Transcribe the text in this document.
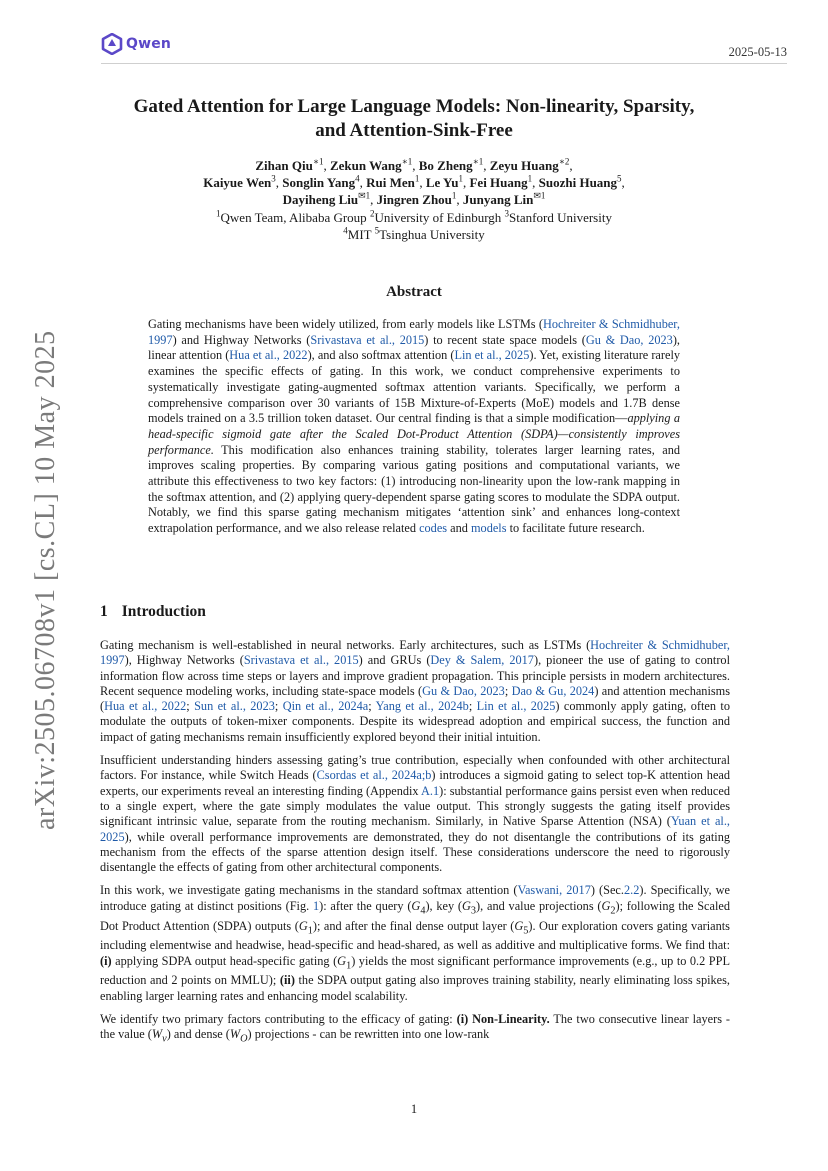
Qwen	2025-05-13
arXiv:2505.06708v1 [cs.CL] 10 May 2025
Gated Attention for Large Language Models: Non-linearity, Sparsity,
and Attention-Sink-Free
Zihan Qiu$^{∗1}$, Zekun Wang$^{∗1}$, Bo Zheng$^{∗1}$, Zeyu Huang$^{∗2}$,
Kaiyue Wen$^3$, Songlin Yang$^4$, Rui Men$^1$, Le Yu$^1$, Fei Huang$^1$, Suozhi Huang$^5$,
Dayiheng Liu$^{✉1}$, Jingren Zhou$^1$, Junyang Lin$^{✉1}$
$^1$Qwen Team, Alibaba Group $^2$University of Edinburgh $^3$Stanford University
$^4$MIT $^5$Tsinghua University
Abstract
Gating mechanisms have been widely utilized, from early models like LSTMs (Hochreiter & Schmidhuber, 1997) and Highway Networks (Srivastava et al., 2015) to recent state space models (Gu & Dao, 2023), linear attention (Hua et al., 2022), and also softmax attention (Lin et al., 2025). Yet, existing literature rarely examines the specific effects of gating. In this work, we conduct comprehensive experiments to systematically investigate gating-augmented softmax attention variants. Specifically, we perform a comprehensive comparison over 30 variants of 15B Mixture-of-Experts (MoE) models and 1.7B dense models trained on a 3.5 trillion token dataset. Our central finding is that a simple modification—applying a head-specific sigmoid gate after the Scaled Dot-Product Attention (SDPA)—consistently improves performance. This modification also enhances training stability, tolerates larger learning rates, and improves scaling properties. By comparing various gating positions and computational variants, we attribute this effectiveness to two key factors: (1) introducing non-linearity upon the low-rank mapping in the softmax attention, and (2) applying query-dependent sparse gating scores to modulate the SDPA output. Notably, we find this sparse gating mechanism mitigates ‘attention sink’ and enhances long-context extrapolation performance, and we also release related codes and models to facilitate future research.
1 Introduction

Gating mechanism is well-established in neural networks. Early architectures, such as LSTMs (Hochreiter & Schmidhuber, 1997), Highway Networks (Srivastava et al., 2015) and GRUs (Dey & Salem, 2017), pioneer the use of gating to control information flow across time steps or layers and improve gradient propagation. This principle persists in modern architectures. Recent sequence modeling works, including state-space models (Gu & Dao, 2023; Dao & Gu, 2024) and attention mechanisms (Hua et al., 2022; Sun et al., 2023; Qin et al., 2024a; Yang et al., 2024b; Lin et al., 2025) commonly apply gating, often to modulate the outputs of token-mixer components. Despite its widespread adoption and empirical success, the function and impact of gating mechanisms remain insufficiently explored beyond their initial intuition.

Insufficient understanding hinders assessing gating’s true contribution, especially when confounded with other architectural factors. For instance, while Switch Heads (Csordas et al., 2024a;b) introduces a sigmoid gating to select top-K attention head experts, our experiments reveal an interesting finding (Appendix A.1): substantial performance gains persist even when reduced to a single expert, where the gate simply modulates the value output. This strongly suggests the gating itself provides significant intrinsic value, separate from the routing mechanism. Similarly, in Native Sparse Attention (NSA) (Yuan et al., 2025), while overall performance improvements are demonstrated, they do not disentangle the contributions of its gating mechanism from the effects of the sparse attention design itself. These considerations underscore the need to rigorously disentangle the effects of gating from other architectural components.

In this work, we investigate gating mechanisms in the standard softmax attention (Vaswani, 2017) (Sec.2.2). Specifically, we introduce gating at distinct positions (Fig. 1): after the query $(G_4)$, key $(G_3)$, and value projections $(G_2)$; following the Scaled Dot Product Attention (SDPA) outputs $(G_1)$; and after the final dense output layer $(G_5)$. Our exploration covers gating variants including elementwise and headwise, head-specific and head-shared, as well as additive and multiplicative forms. We find that: (i) applying SDPA output head-specific gating $(G_1)$ yields the most significant performance improvements (e.g., up to 0.2 PPL reduction and 2 points on MMLU); (ii) the SDPA output gating also improves training stability, nearly eliminating loss spikes, enabling larger learning rates and enhancing model scalability.

We identify two primary factors contributing to the efficacy of gating: (i) Non-Linearity. The two consecutive linear layers - the value $(W_v)$ and dense $(W_O)$ projections - can be rewritten into one low-rank

1
